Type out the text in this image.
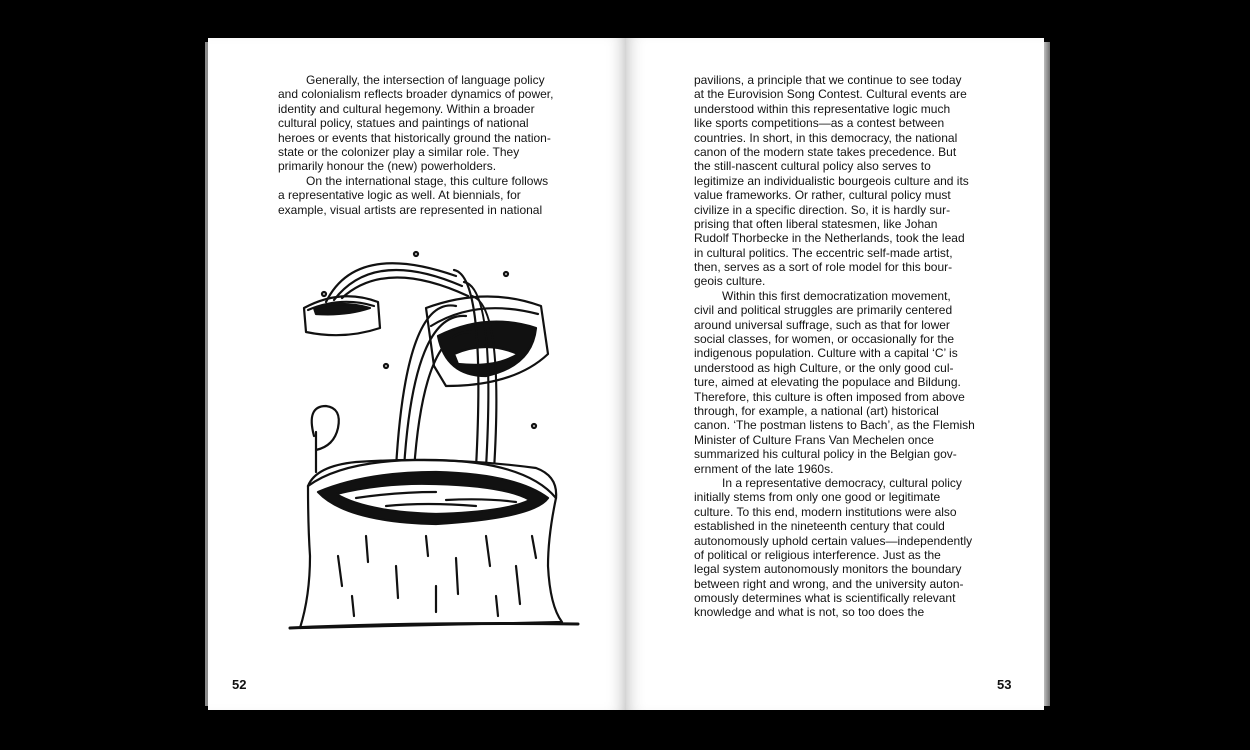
Generally, the intersection of language policy
and colonialism reflects broader dynamics of power,
identity and cultural hegemony. Within a broader
cultural policy, statues and paintings of national
heroes or events that historically ground the nation-
state or the colonizer play a similar role. They
primarily honour the (new) powerholders.
On the international stage, this culture follows
a representative logic as well. At biennials, for
example, visual artists are represented in national
52
pavilions, a principle that we continue to see today
at the Eurovision Song Contest. Cultural events are
understood within this representative logic much
like sports competitions—as a contest between
countries. In short, in this democracy, the national
canon of the modern state takes precedence. But
the still-nascent cultural policy also serves to
legitimize an individualistic bourgeois culture and its
value frameworks. Or rather, cultural policy must
civilize in a specific direction. So, it is hardly sur-
prising that often liberal statesmen, like Johan
Rudolf Thorbecke in the Netherlands, took the lead
in cultural politics. The eccentric self-made artist,
then, serves as a sort of role model for this bour-
geois culture.
Within this first democratization movement,
civil and political struggles are primarily centered
around universal suffrage, such as that for lower
social classes, for women, or occasionally for the
indigenous population. Culture with a capital ‘C’ is
understood as high Culture, or the only good cul-
ture, aimed at elevating the populace and Bildung.
Therefore, this culture is often imposed from above
through, for example, a national (art) historical
canon. ‘The postman listens to Bach’, as the Flemish
Minister of Culture Frans Van Mechelen once
summarized his cultural policy in the Belgian gov-
ernment of the late 1960s.
In a representative democracy, cultural policy
initially stems from only one good or legitimate
culture. To this end, modern institutions were also
established in the nineteenth century that could
autonomously uphold certain values—independently
of political or religious interference. Just as the
legal system autonomously monitors the boundary
between right and wrong, and the university auton-
omously determines what is scientifically relevant
knowledge and what is not, so too does the
53
